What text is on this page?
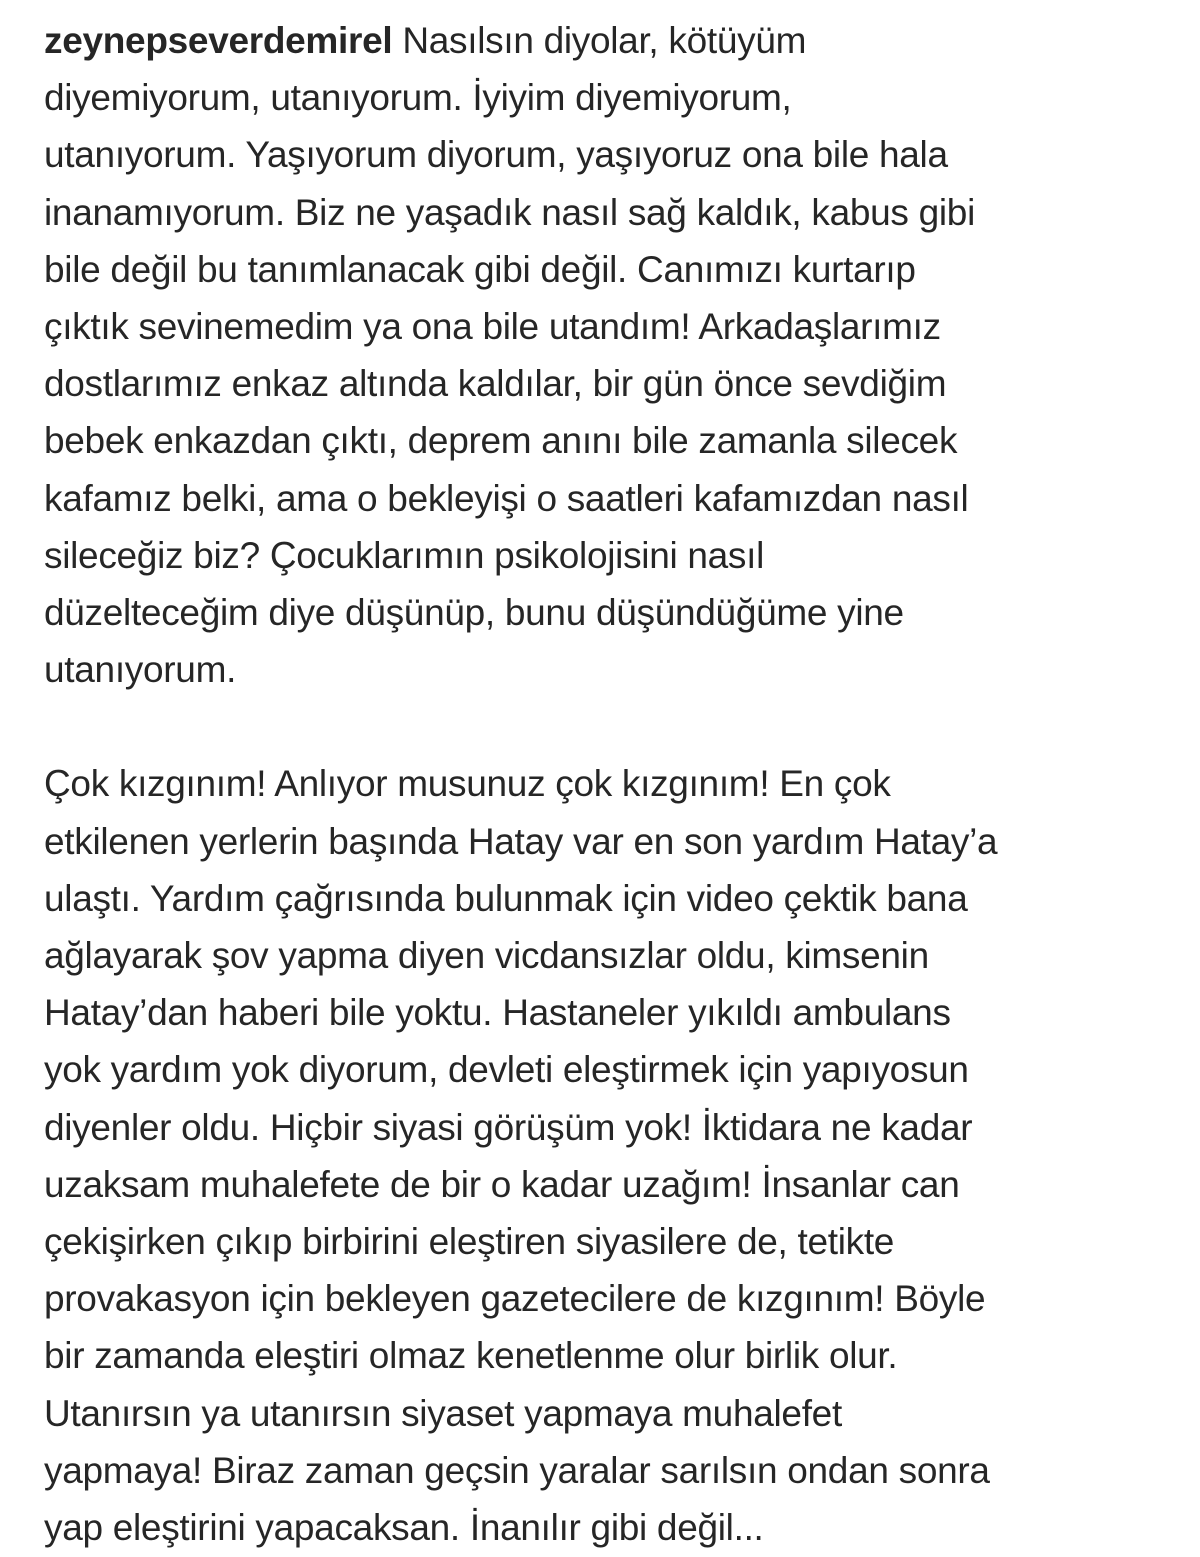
zeynepseverdemirel Nasılsın diyolar, kötüyüm
diyemiyorum, utanıyorum. İyiyim diyemiyorum,
utanıyorum. Yaşıyorum diyorum, yaşıyoruz ona bile hala
inanamıyorum. Biz ne yaşadık nasıl sağ kaldık, kabus gibi
bile değil bu tanımlanacak gibi değil. Canımızı kurtarıp
çıktık sevinemedim ya ona bile utandım! Arkadaşlarımız
dostlarımız enkaz altında kaldılar, bir gün önce sevdiğim
bebek enkazdan çıktı, deprem anını bile zamanla silecek
kafamız belki, ama o bekleyişi o saatleri kafamızdan nasıl
sileceğiz biz? Çocuklarımın psikolojisini nasıl
düzelteceğim diye düşünüp, bunu düşündüğüme yine
utanıyorum.

Çok kızgınım! Anlıyor musunuz çok kızgınım! En çok
etkilenen yerlerin başında Hatay var en son yardım Hatay’a
ulaştı. Yardım çağrısında bulunmak için video çektik bana
ağlayarak şov yapma diyen vicdansızlar oldu, kimsenin
Hatay’dan haberi bile yoktu. Hastaneler yıkıldı ambulans
yok yardım yok diyorum, devleti eleştirmek için yapıyosun
diyenler oldu. Hiçbir siyasi görüşüm yok! İktidara ne kadar
uzaksam muhalefete de bir o kadar uzağım! İnsanlar can
çekişirken çıkıp birbirini eleştiren siyasilere de, tetikte
provakasyon için bekleyen gazetecilere de kızgınım! Böyle
bir zamanda eleştiri olmaz kenetlenme olur birlik olur.
Utanırsın ya utanırsın siyaset yapmaya muhalefet
yapmaya! Biraz zaman geçsin yaralar sarılsın ondan sonra
yap eleştirini yapacaksan. İnanılır gibi değil...
